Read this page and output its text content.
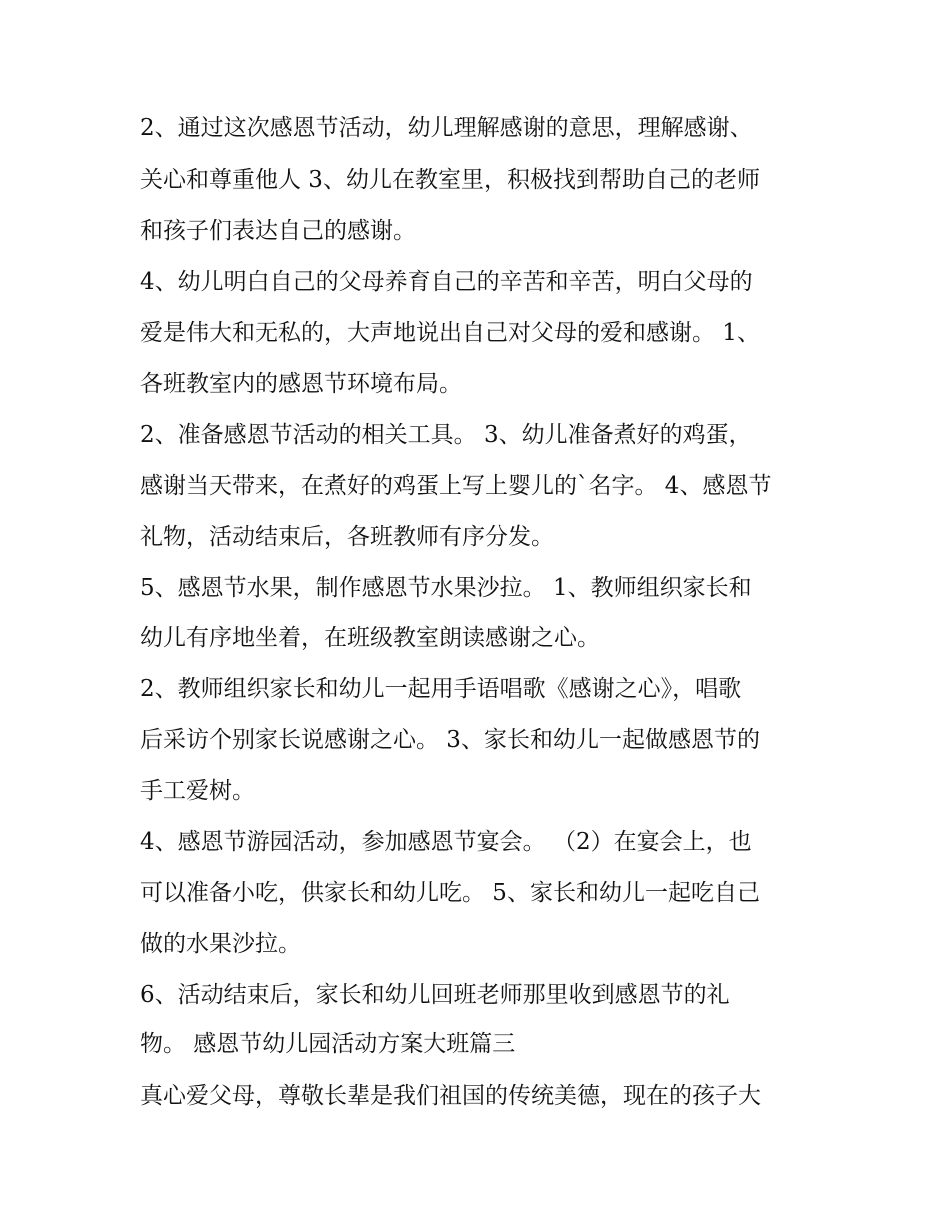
2、通过这次感恩节活动，幼儿理解感谢的意思，理解感谢、
关心和尊重他人 3、幼儿在教室里，积极找到帮助自己的老师
和孩子们表达自己的感谢。
4、幼儿明白自己的父母养育自己的辛苦和辛苦，明白父母的
爱是伟大和无私的，大声地说出自己对父母的爱和感谢。 1、
各班教室内的感恩节环境布局。
2、准备感恩节活动的相关工具。 3、幼儿准备煮好的鸡蛋，
感谢当天带来，在煮好的鸡蛋上写上婴儿的`名字。 4、感恩节
礼物，活动结束后，各班教师有序分发。
5、感恩节水果，制作感恩节水果沙拉。 1、教师组织家长和
幼儿有序地坐着，在班级教室朗读感谢之心。
2、教师组织家长和幼儿一起用手语唱歌《感谢之心》，唱歌
后采访个别家长说感谢之心。 3、家长和幼儿一起做感恩节的
手工爱树。
4、感恩节游园活动，参加感恩节宴会。 （2）在宴会上，也
可以准备小吃，供家长和幼儿吃。 5、家长和幼儿一起吃自己
做的水果沙拉。
6、活动结束后，家长和幼儿回班老师那里收到感恩节的礼
物。 感恩节幼儿园活动方案大班篇三
真心爱父母，尊敬长辈是我们祖国的传统美德，现在的孩子大
